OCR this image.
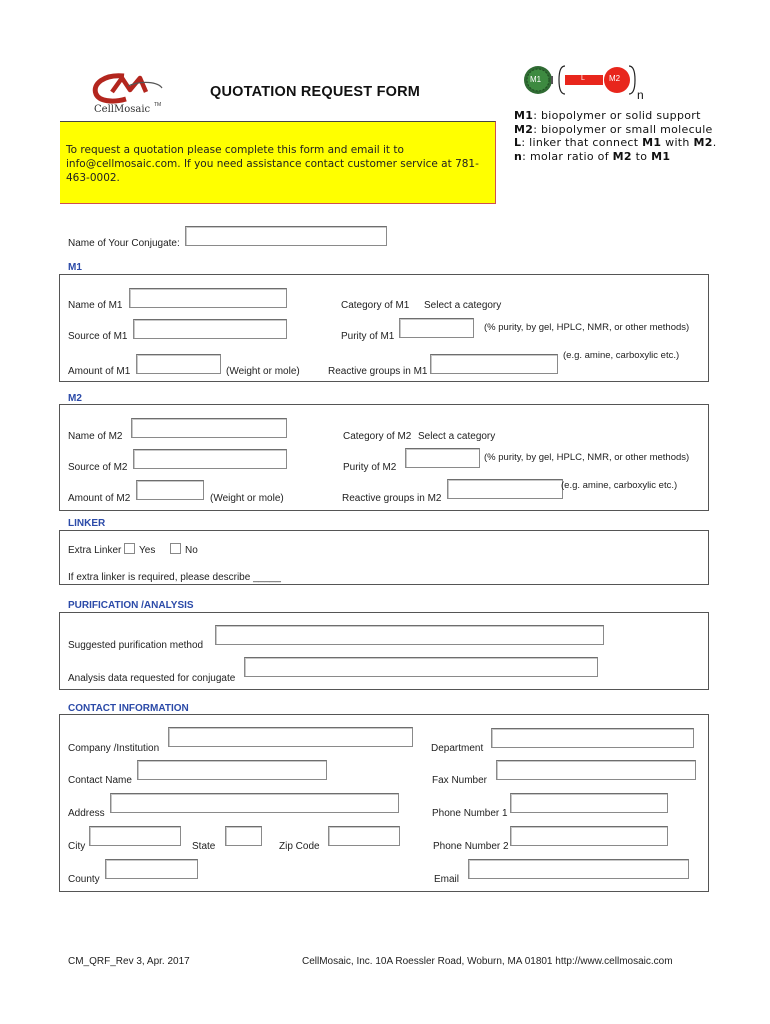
CellMosaic TM
QUOTATION REQUEST FORM
M1	L	M2
n
M1: biopolymer or solid support
M2: biopolymer or small molecule
L: linker that connect M1 with M2.
n: molar ratio of M2 to M1
To request a quotation please complete this form and email it to info@cellmosaic.com. If you need assistance contact customer service at 781-463-0002.
Name of Your Conjugate:
M1
Name of M1	Category of M1 Select a category
Source of M1	Purity of M1
(% purity, by gel, HPLC, NMR, or other methods)
Amount of M1	(Weight or mole)	Reactive groups in M1
(e.g. amine, carboxylic etc.)
M2
Name of M2	Category of M2 Select a category
Source of M2	Purity of M2
(% purity, by gel, HPLC, NMR, or other methods)
Amount of M2	(Weight or mole)	Reactive groups in M2
(e.g. amine, carboxylic etc.)
LINKER
Extra Linker Yes	No
If extra linker is required, please describe _____
PURIFICATION /ANALYSIS
Suggested purification method
Analysis data requested for conjugate
CONTACT INFORMATION
Company /Institution	Department
Contact Name	Fax Number
Address	Phone Number 1
City	State	Zip Code	Phone Number 2
County	Email
CM_QRF_Rev 3, Apr. 2017	CellMosaic, Inc. 10A Roessler Road, Woburn, MA 01801 http://www.cellmosaic.com
